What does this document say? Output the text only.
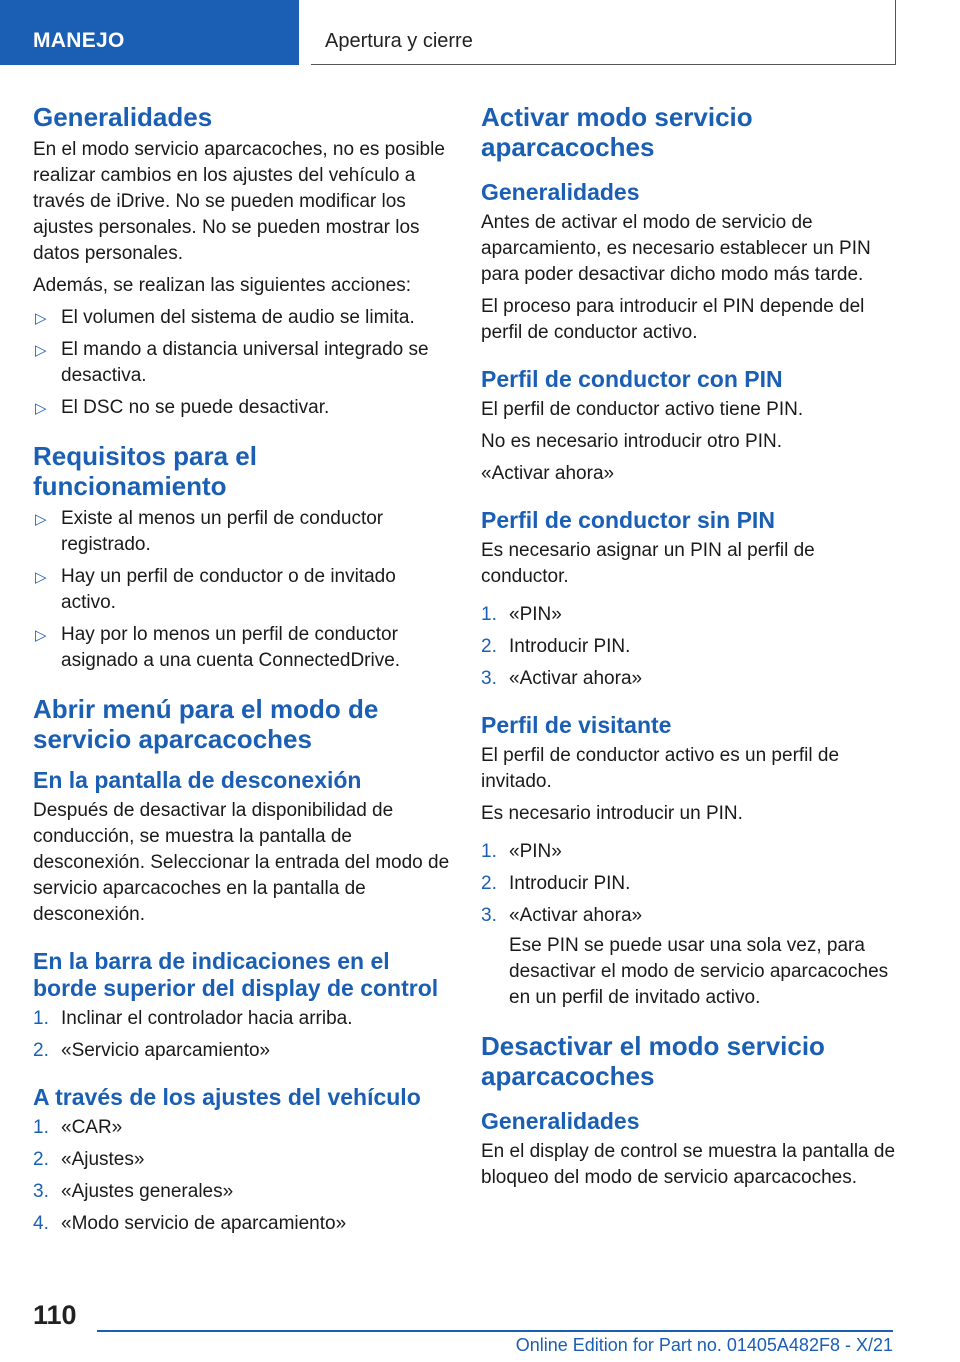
MANEJO	Apertura y cierre
Generalidades

En el modo servicio aparcacoches, no es posible realizar cambios en los ajustes del vehículo a través de iDrive. No se pueden modificar los ajustes personales. No se pueden mostrar los datos personales.

Además, se realizan las siguientes acciones:

▷ El volumen del sistema de audio se limita.
▷ El mando a distancia universal integrado se desactiva.
▷ El DSC no se puede desactivar.
Requisitos para el funcionamiento
▷ Existe al menos un perfil de conductor registrado.
▷ Hay un perfil de conductor o de invitado activo.
▷ Hay por lo menos un perfil de conductor asignado a una cuenta ConnectedDrive.
Abrir menú para el modo de servicio aparcacoches
En la pantalla de desconexión

Después de desactivar la disponibilidad de conducción, se muestra la pantalla de desconexión. Seleccionar la entrada del modo de servicio aparcacoches en la pantalla de desconexión.

En la barra de indicaciones en el borde superior del display de control
1. Inclinar el controlador hacia arriba.
2. «Servicio aparcamiento»
A través de los ajustes del vehículo
1. «CAR»
2. «Ajustes»
3. «Ajustes generales»
4. «Modo servicio de aparcamiento»
Activar modo servicio aparcacoches
Generalidades

Antes de activar el modo de servicio de aparcamiento, es necesario establecer un PIN para poder desactivar dicho modo más tarde.

El proceso para introducir el PIN depende del perfil de conductor activo.

Perfil de conductor con PIN

El perfil de conductor activo tiene PIN.

No es necesario introducir otro PIN.

«Activar ahora»

Perfil de conductor sin PIN

Es necesario asignar un PIN al perfil de conductor.

1. «PIN»
2. Introducir PIN.
3. «Activar ahora»
Perfil de visitante

El perfil de conductor activo es un perfil de invitado.

Es necesario introducir un PIN.

1. «PIN»
2. Introducir PIN.
3. «Activar ahora»
Ese PIN se puede usar una sola vez, para desactivar el modo de servicio aparcacoches en un perfil de invitado activo.
Desactivar el modo servicio aparcacoches
Generalidades

En el display de control se muestra la pantalla de bloqueo del modo de servicio aparcacoches.

110
Online Edition for Part no. 01405A482F8 - X/21
